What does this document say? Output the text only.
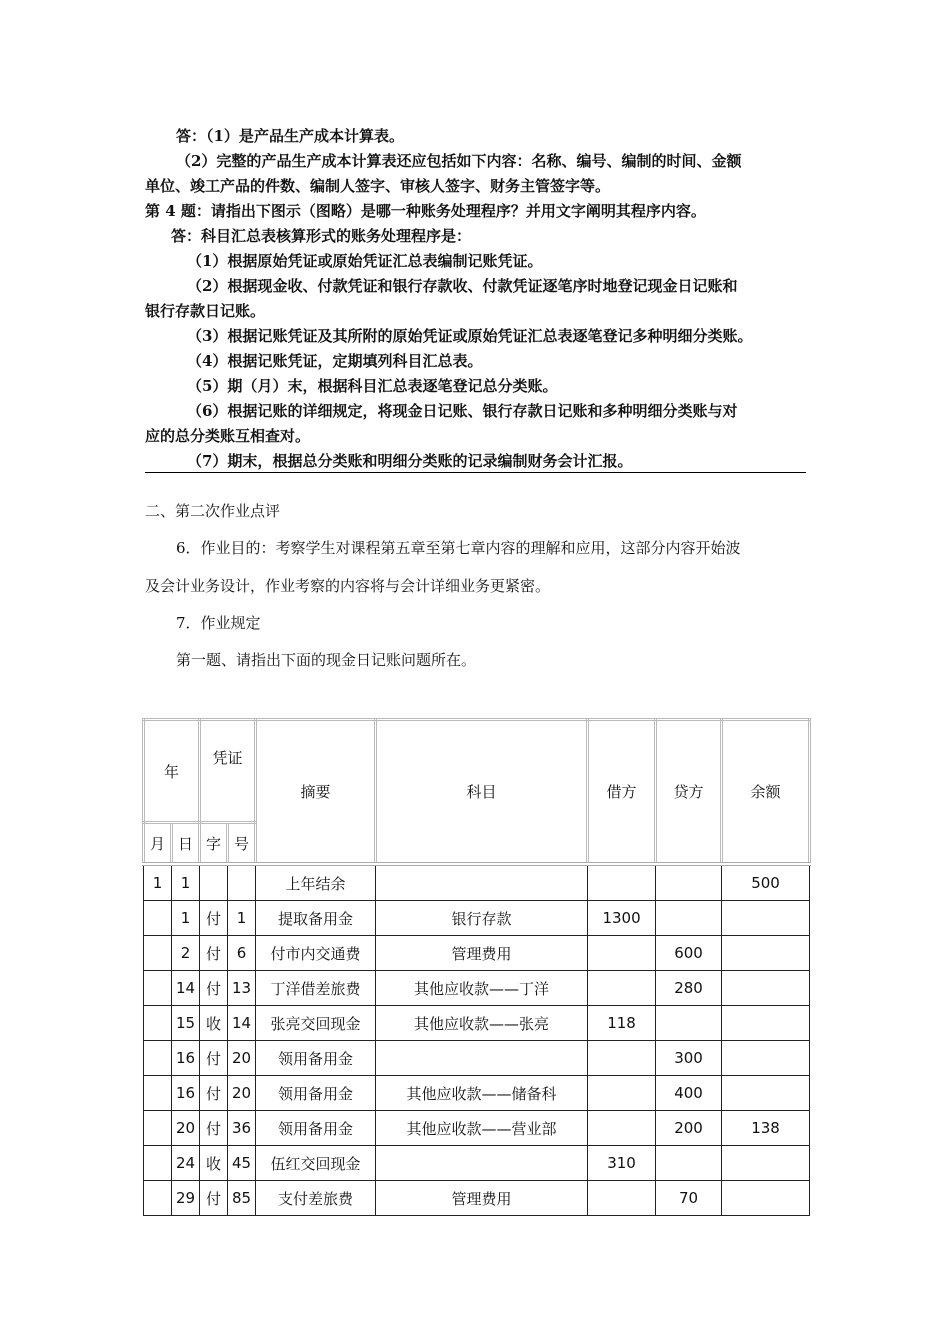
答：（1）是产品生产成本计算表。
（2）完整的产品生产成本计算表还应包括如下内容：名称、编号、编制的时间、金额
单位、竣工产品的件数、编制人签字、审核人签字、财务主管签字等。
第 4 题：请指出下图示（图略）是哪一种账务处理程序？并用文字阐明其程序内容。
答：科目汇总表核算形式的账务处理程序是：
（1）根据原始凭证或原始凭证汇总表编制记账凭证。
（2）根据现金收、付款凭证和银行存款收、付款凭证逐笔序时地登记现金日记账和
银行存款日记账。
（3）根据记账凭证及其所附的原始凭证或原始凭证汇总表逐笔登记多种明细分类账。
（4）根据记账凭证，定期填列科目汇总表。
（5）期（月）末，根据科目汇总表逐笔登记总分类账。
（6）根据记账的详细规定，将现金日记账、银行存款日记账和多种明细分类账与对
应的总分类账互相查对。
（7）期末，根据总分类账和明细分类账的记录编制财务会计汇报。
二、第二次作业点评
6．作业目的：考察学生对课程第五章至第七章内容的理解和应用，这部分内容开始波
及会计业务设计，作业考察的内容将与会计详细业务更紧密。
7．作业规定
第一题、请指出下面的现金日记账问题所在。
年		凭证		摘要	科目	借方	贷方	余额
月	日	字	号					
1	1			上年结余				500
	1	付	1	提取备用金	银行存款	1300		
	2	付	6	付市内交通费	管理费用		600	
	14	付	13	丁洋借差旅费	其他应收款——丁洋		280	
	15	收	14	张亮交回现金	其他应收款——张亮	118		
	16	付	20	领用备用金			300	
	16	付	20	领用备用金	其他应收款——储备科		400	
	20	付	36	领用备用金	其他应收款——营业部		200	138
	24	收	45	伍红交回现金		310		
	29	付	85	支付差旅费	管理费用		70	
